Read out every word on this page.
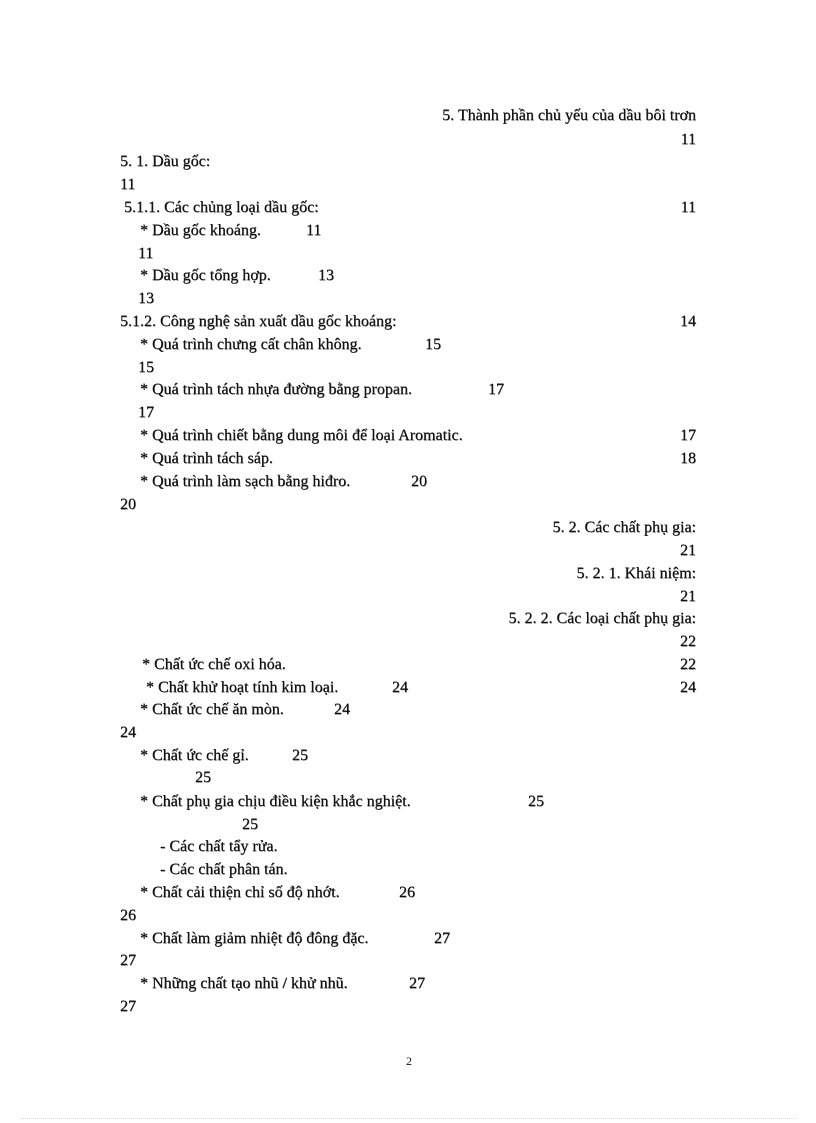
5. Thành phần chủ yếu của dầu bôi trơn
11
5. 1. Dầu gốc:
11
5.1.1. Các chủng loại dầu gốc:	11
* Dầu gốc khoáng.	11
11
* Dầu gốc tổng hợp.	13
13
5.1.2. Công nghệ sản xuất dầu gốc khoáng:	14
* Quá trình chưng cất chân không.	15
15
* Quá trình tách nhựa đường bằng propan.	17
17
* Quá trình chiết bằng dung môi để loại Aromatic.	17
* Quá trình tách sáp.	18
* Quá trình làm sạch bằng hiđro.	20
20
5. 2. Các chất phụ gia:
21
5. 2. 1. Khái niệm:
21
5. 2. 2. Các loại chất phụ gia:
22
* Chất ức chế oxi hóa.	22
* Chất khử hoạt tính kim loại.	24	24
* Chất ức chế ăn mòn.	24
24
* Chất ức chế gỉ.	25
25
* Chất phụ gia chịu điều kiện khắc nghiệt.	25
25
- Các chất tẩy rửa.
- Các chất phân tán.
* Chất cải thiện chỉ số độ nhớt.	26
26
* Chất làm giảm nhiệt độ đông đặc.	27
27
* Những chất tạo nhũ / khử nhũ.	27
27
2
